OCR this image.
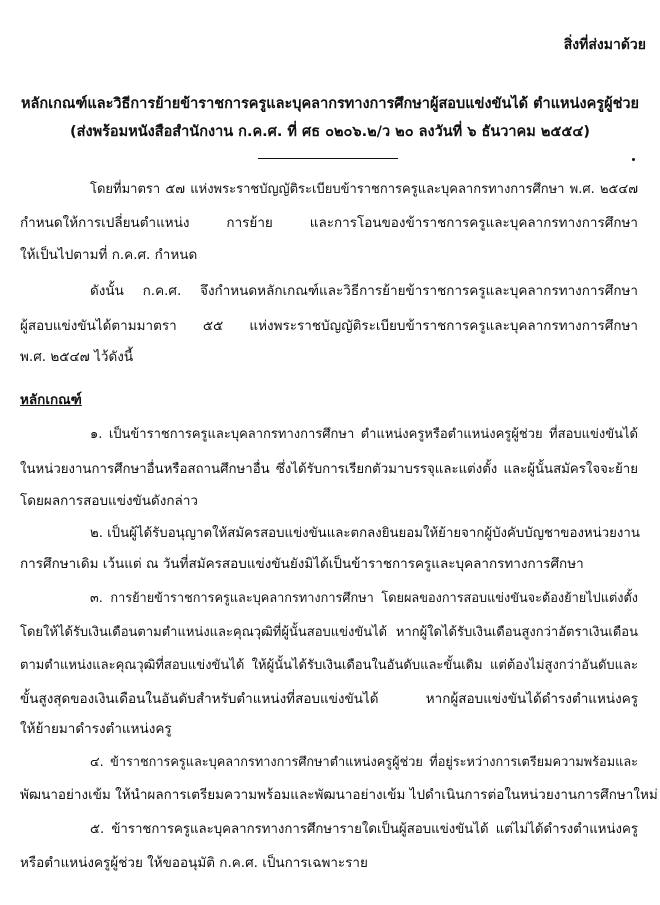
สิ่งที่ส่งมาด้วย
หลักเกณฑ์และวิธีการย้ายข้าราชการครูและบุคลากรทางการศึกษาผู้สอบแข่งขันได้ ตำแหน่งครูผู้ช่วย
(ส่งพร้อมหนังสือสำนักงาน ก.ค.ศ. ที่ ศธ ๐๒๐๖.๒/ว ๒๐ ลงวันที่ ๖ ธันวาคม ๒๕๕๔)
โดยที่มาตรา ๕๗ แห่งพระราชบัญญัติระเบียบข้าราชการครูและบุคลากรทางการศึกษา พ.ศ. ๒๕๔๗
กำหนดให้การเปลี่ยนตำแหน่ง การย้าย และการโอนของข้าราชการครูและบุคลากรทางการศึกษา
ให้เป็นไปตามที่ ก.ค.ศ. กำหนด
ดังนั้น ก.ค.ศ. จึงกำหนดหลักเกณฑ์และวิธีการย้ายข้าราชการครูและบุคลากรทางการศึกษา
ผู้สอบแข่งขันได้ตามมาตรา ๕๕ แห่งพระราชบัญญัติระเบียบข้าราชการครูและบุคลากรทางการศึกษา
พ.ศ. ๒๕๔๗ ไว้ดังนี้
หลักเกณฑ์
๑. เป็นข้าราชการครูและบุคลากรทางการศึกษา ตำแหน่งครูหรือตำแหน่งครูผู้ช่วย ที่สอบแข่งขันได้
ในหน่วยงานการศึกษาอื่นหรือสถานศึกษาอื่น ซึ่งได้รับการเรียกตัวมาบรรจุและแต่งตั้ง และผู้นั้นสมัครใจจะย้าย
โดยผลการสอบแข่งขันดังกล่าว
๒. เป็นผู้ได้รับอนุญาตให้สมัครสอบแข่งขันและตกลงยินยอมให้ย้ายจากผู้บังคับบัญชาของหน่วยงาน
การศึกษาเดิม เว้นแต่ ณ วันที่สมัครสอบแข่งขันยังมิได้เป็นข้าราชการครูและบุคลากรทางการศึกษา
๓. การย้ายข้าราชการครูและบุคลากรทางการศึกษา โดยผลของการสอบแข่งขันจะต้องย้ายไปแต่งตั้ง
โดยให้ได้รับเงินเดือนตามตำแหน่งและคุณวุฒิที่ผู้นั้นสอบแข่งขันได้ หากผู้ใดได้รับเงินเดือนสูงกว่าอัตราเงินเดือน
ตามตำแหน่งและคุณวุฒิที่สอบแข่งขันได้ ให้ผู้นั้นได้รับเงินเดือนในอันดับและขั้นเดิม แต่ต้องไม่สูงกว่าอันดับและ
ขั้นสูงสุดของเงินเดือนในอันดับสำหรับตำแหน่งที่สอบแข่งขันได้ หากผู้สอบแข่งขันได้ดำรงตำแหน่งครู
ให้ย้ายมาดำรงตำแหน่งครู
๔. ข้าราชการครูและบุคลากรทางการศึกษาตำแหน่งครูผู้ช่วย ที่อยู่ระหว่างการเตรียมความพร้อมและ
พัฒนาอย่างเข้ม ให้นำผลการเตรียมความพร้อมและพัฒนาอย่างเข้ม ไปดำเนินการต่อในหน่วยงานการศึกษาใหม่
๕. ข้าราชการครูและบุคลากรทางการศึกษารายใดเป็นผู้สอบแข่งขันได้ แต่ไม่ได้ดำรงตำแหน่งครู
หรือตำแหน่งครูผู้ช่วย ให้ขออนุมัติ ก.ค.ศ. เป็นการเฉพาะราย
